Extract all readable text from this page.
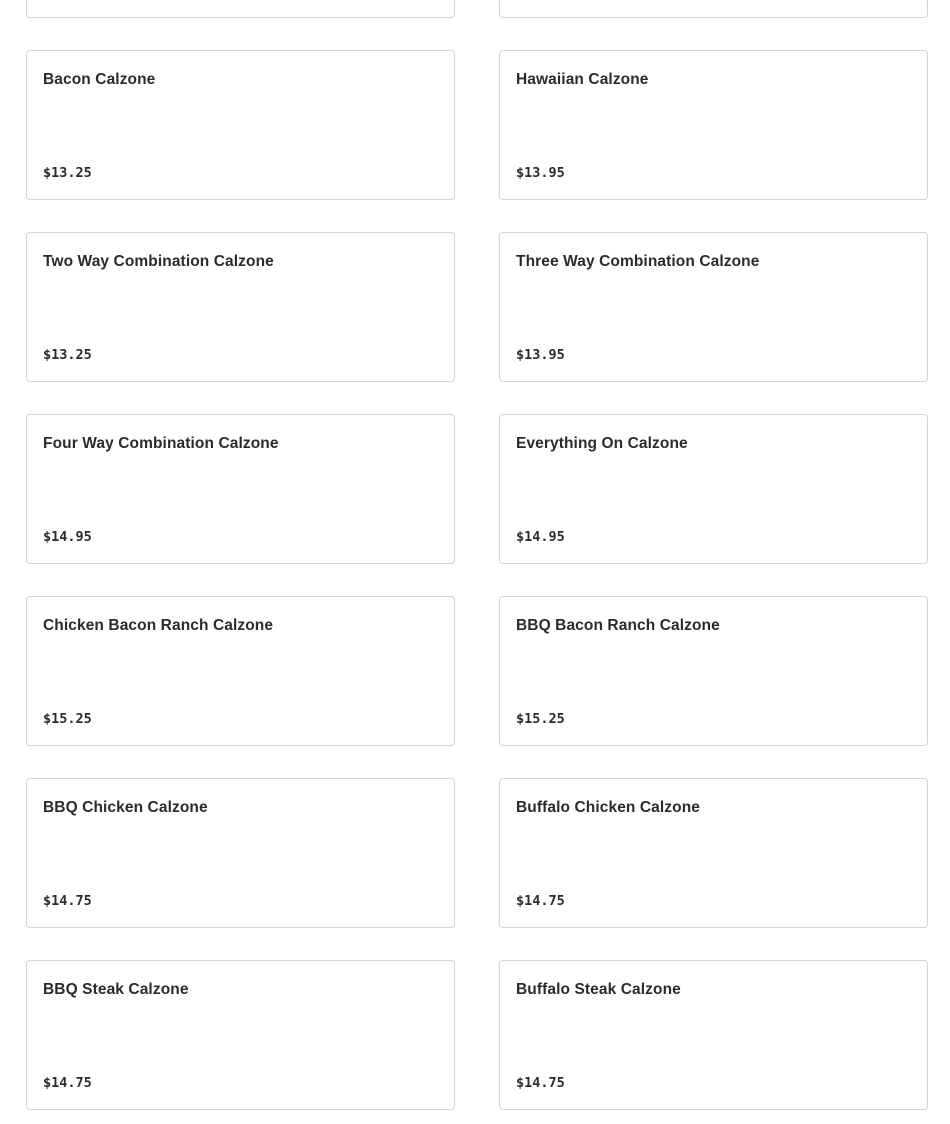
Bacon Calzone
$13.25
Hawaiian Calzone
$13.95
Two Way Combination Calzone
$13.25
Three Way Combination Calzone
$13.95
Four Way Combination Calzone
$14.95
Everything On Calzone
$14.95
Chicken Bacon Ranch Calzone
$15.25
BBQ Bacon Ranch Calzone
$15.25
BBQ Chicken Calzone
$14.75
Buffalo Chicken Calzone
$14.75
BBQ Steak Calzone
$14.75
Buffalo Steak Calzone
$14.75
